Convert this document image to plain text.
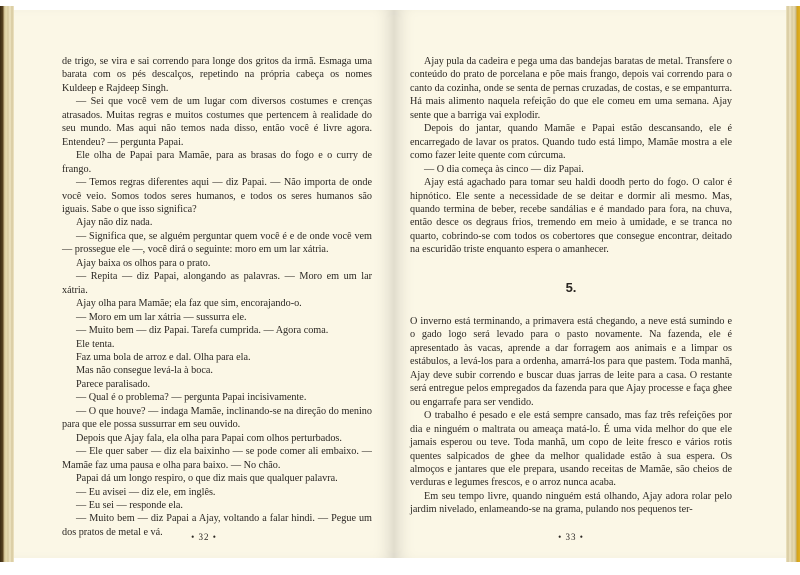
de trigo, se vira e sai correndo para longe dos gritos da irmã. Esmaga uma barata com os pés descalços, repetindo na própria cabeça os nomes Kuldeep e Rajdeep Singh.

— Sei que você vem de um lugar com diversos costumes e crenças atrasados. Muitas regras e muitos costumes que pertencem à realidade do seu mundo. Mas aqui não temos nada disso, então você é livre agora. Entendeu? — pergunta Papai.

Ele olha de Papai para Mamãe, para as brasas do fogo e o curry de frango.

— Temos regras diferentes aqui — diz Papai. — Não importa de onde você veio. Somos todos seres humanos, e todos os seres humanos são iguais. Sabe o que isso significa?

Ajay não diz nada.

— Significa que, se alguém perguntar quem você é e de onde você vem — prossegue ele —, você dirá o seguinte: moro em um lar xátria.

Ajay baixa os olhos para o prato.

— Repita — diz Papai, alongando as palavras. — Moro em um lar xátria.

Ajay olha para Mamãe; ela faz que sim, encorajando-o.

— Moro em um lar xátria — sussurra ele.

— Muito bem — diz Papai. Tarefa cumprida. — Agora coma.

Ele tenta.

Faz uma bola de arroz e dal. Olha para ela.

Mas não consegue levá-la à boca.

Parece paralisado.

— Qual é o problema? — pergunta Papai incisivamente.

— O que houve? — indaga Mamãe, inclinando-se na direção do menino para que ele possa sussurrar em seu ouvido.

Depois que Ajay fala, ela olha para Papai com olhos perturbados.

— Ele quer saber — diz ela baixinho — se pode comer ali embaixo. — Mamãe faz uma pausa e olha para baixo. — No chão.

Papai dá um longo respiro, o que diz mais que qualquer palavra.

— Eu avisei — diz ele, em inglês.

— Eu sei — responde ela.

— Muito bem — diz Papai a Ajay, voltando a falar hindi. — Pegue um dos pratos de metal e vá.	• 32 •

Ajay pula da cadeira e pega uma das bandejas baratas de metal. Transfere o conteúdo do prato de porcelana e põe mais frango, depois vai correndo para o canto da cozinha, onde se senta de pernas cruzadas, de costas, e se empanturra. Há mais alimento naquela refeição do que ele comeu em uma semana. Ajay sente que a barriga vai explodir.

Depois do jantar, quando Mamãe e Papai estão descansando, ele é encarregado de lavar os pratos. Quando tudo está limpo, Mamãe mostra a ele como fazer leite quente com cúrcuma.

— O dia começa às cinco — diz Papai.

Ajay está agachado para tomar seu haldi doodh perto do fogo. O calor é hipnótico. Ele sente a necessidade de se deitar e dormir ali mesmo. Mas, quando termina de beber, recebe sandálias e é mandado para fora, na chuva, então desce os degraus frios, tremendo em meio à umidade, e se tranca no quarto, cobrindo-se com todos os cobertores que consegue encontrar, deitado na escuridão triste enquanto espera o amanhecer.

5.

O inverno está terminando, a primavera está chegando, a neve está sumindo e o gado logo será levado para o pasto novamente. Na fazenda, ele é apresentado às vacas, aprende a dar forragem aos animais e a limpar os estábulos, a levá-los para a ordenha, amarrá-los para que pastem. Toda manhã, Ajay deve subir correndo e buscar duas jarras de leite para a casa. O restante será entregue pelos empregados da fazenda para que Ajay processe e faça ghee ou engarrafe para ser vendido.

O trabalho é pesado e ele está sempre cansado, mas faz três refeições por dia e ninguém o maltrata ou ameaça matá-lo. É uma vida melhor do que ele jamais esperou ou teve. Toda manhã, um copo de leite fresco e vários rotis quentes salpicados de ghee da melhor qualidade estão à sua espera. Os almoços e jantares que ele prepara, usando receitas de Mamãe, são cheios de verduras e legumes frescos, e o arroz nunca acaba.

Em seu tempo livre, quando ninguém está olhando, Ajay adora rolar pelo jardim nivelado, enlameando-se na grama, pulando nos pequenos ter-

• 33 •
